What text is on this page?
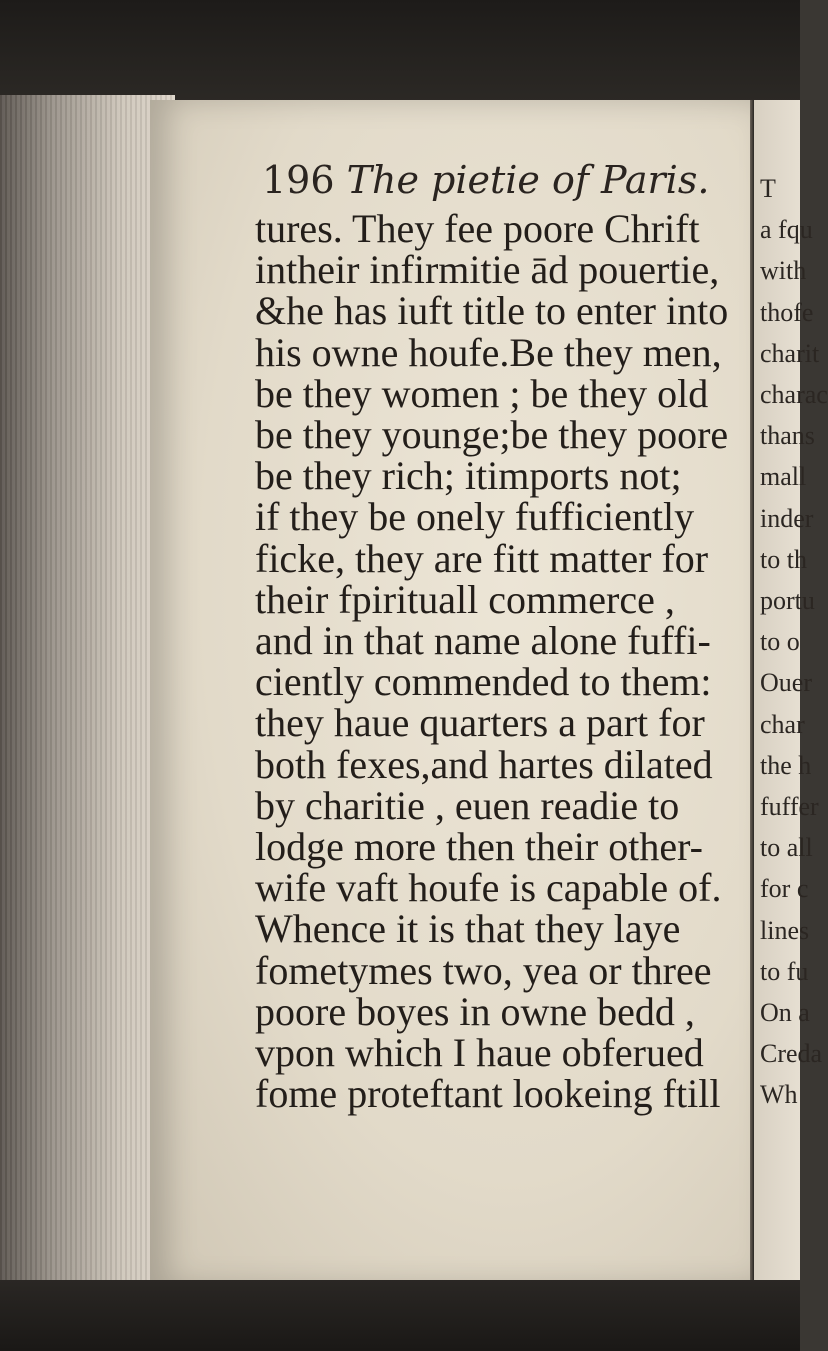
196 The pietie of Paris.
tures. They fee poore Chrift
intheir infirmitie ād pouertie,
&he has iuft title to enter into
his owne houfe.Be they men,
be they women ; be they old
be they younge;be they poore
be they rich; itimports not;
if they be onely fufficiently
ficke, they are fitt matter for
their fpirituall commerce ,
and in that name alone fuffi-
ciently commended to them:
they haue quarters a part for
both fexes,and hartes dilated
by charitie , euen readie to
lodge more then their other-
wife vaft houfe is capable of.
Whence it is that they laye
fometymes two, yea or three
poore boyes in owne bedd ,
vpon which I haue obferued
fome proteftant lookeing ftill
T
a fqu
with
thofe
charit
charac
thans
mall
inder
to th
portu
to o
Ouer
char
the h
fuffer
to all
for c
lines
to fu
On a
Creda
Wh
